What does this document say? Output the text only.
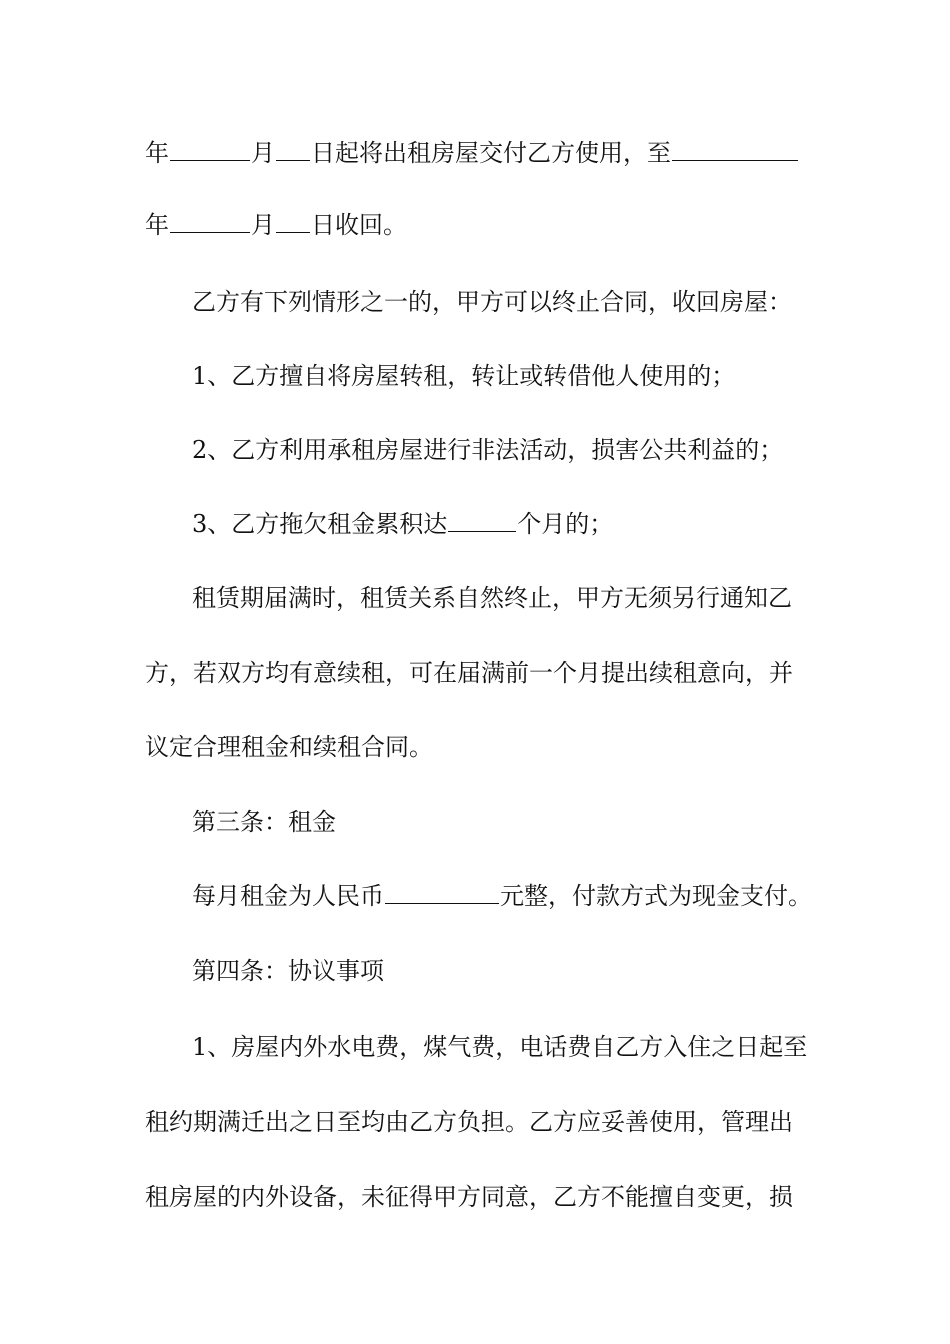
年	月 日起将出租房屋交付乙方使用，至
年	月 日收回。
乙方有下列情形之一的，甲方可以终止合同，收回房屋：
1、乙方擅自将房屋转租，转让或转借他人使用的；
2、乙方利用承租房屋进行非法活动，损害公共利益的；
3、乙方拖欠租金累积达	个月的；
租赁期届满时，租赁关系自然终止，甲方无须另行通知乙
方，若双方均有意续租，可在届满前一个月提出续租意向，并
议定合理租金和续租合同。
第三条：租金
每月租金为人民币	元整，付款方式为现金支付。
第四条：协议事项
1、房屋内外水电费，煤气费，电话费自乙方入住之日起至
租约期满迁出之日至均由乙方负担。乙方应妥善使用，管理出
租房屋的内外设备，未征得甲方同意，乙方不能擅自变更，损
